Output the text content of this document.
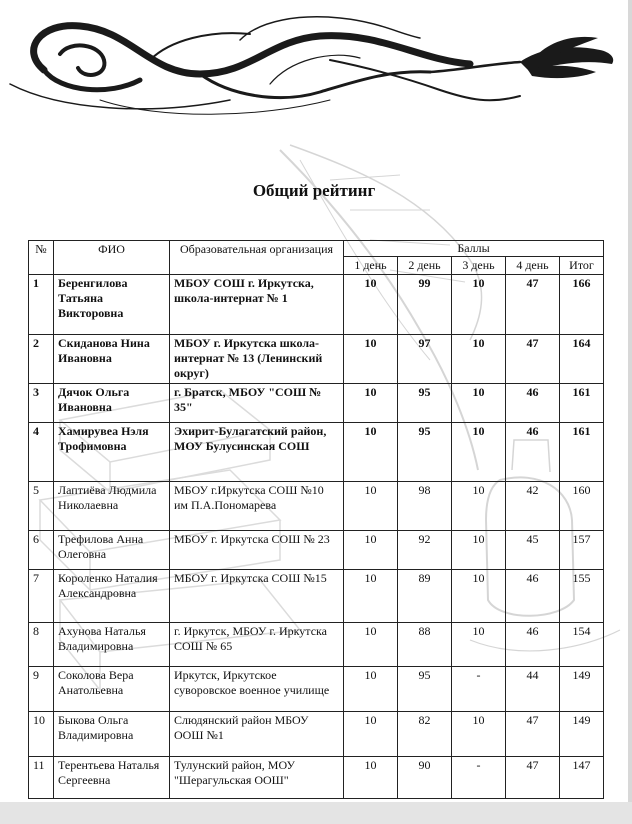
Общий рейтинг
№	ФИО	Образовательная организация	Баллы				
			1 день	2 день	3 день	4 день	Итог
1	Беренгилова Татьяна Викторовна	МБОУ СОШ г. Иркутска, школа-интернат № 1	10	99	10	47	166
2	Скиданова Нина Ивановна	МБОУ г. Иркутска школа-интернат № 13 (Ленинский округ)	10	97	10	47	164
3	Дячок Ольга Ивановна	г. Братск, МБОУ "СОШ № 35"	10	95	10	46	161
4	Хамирувеа Нэля Трофимовна	Эхирит-Булагатский район, МОУ Булусинская СОШ	10	95	10	46	161
5	Лаптиёва Людмила Николаевна	МБОУ г.Иркутска СОШ №10 им П.А.Пономарева	10	98	10	42	160
6	Трефилова Анна Олеговна	МБОУ г. Иркутска СОШ № 23	10	92	10	45	157
7	Короленко Наталия Александровна	МБОУ г. Иркутска СОШ №15	10	89	10	46	155
8	Ахунова Наталья Владимировна	г. Иркутск, МБОУ г. Иркутска СОШ № 65	10	88	10	46	154
9	Соколова Вера Анатольевна	Иркутск, Иркутское суворовское военное училище	10	95	-	44	149
10	Быкова Ольга Владимировна	Слюдянский район МБОУ ООШ №1	10	82	10	47	149
11	Терентьева Наталья Сергеевна	Тулунский район, МОУ "Шерагульская ООШ"	10	90	-	47	147
